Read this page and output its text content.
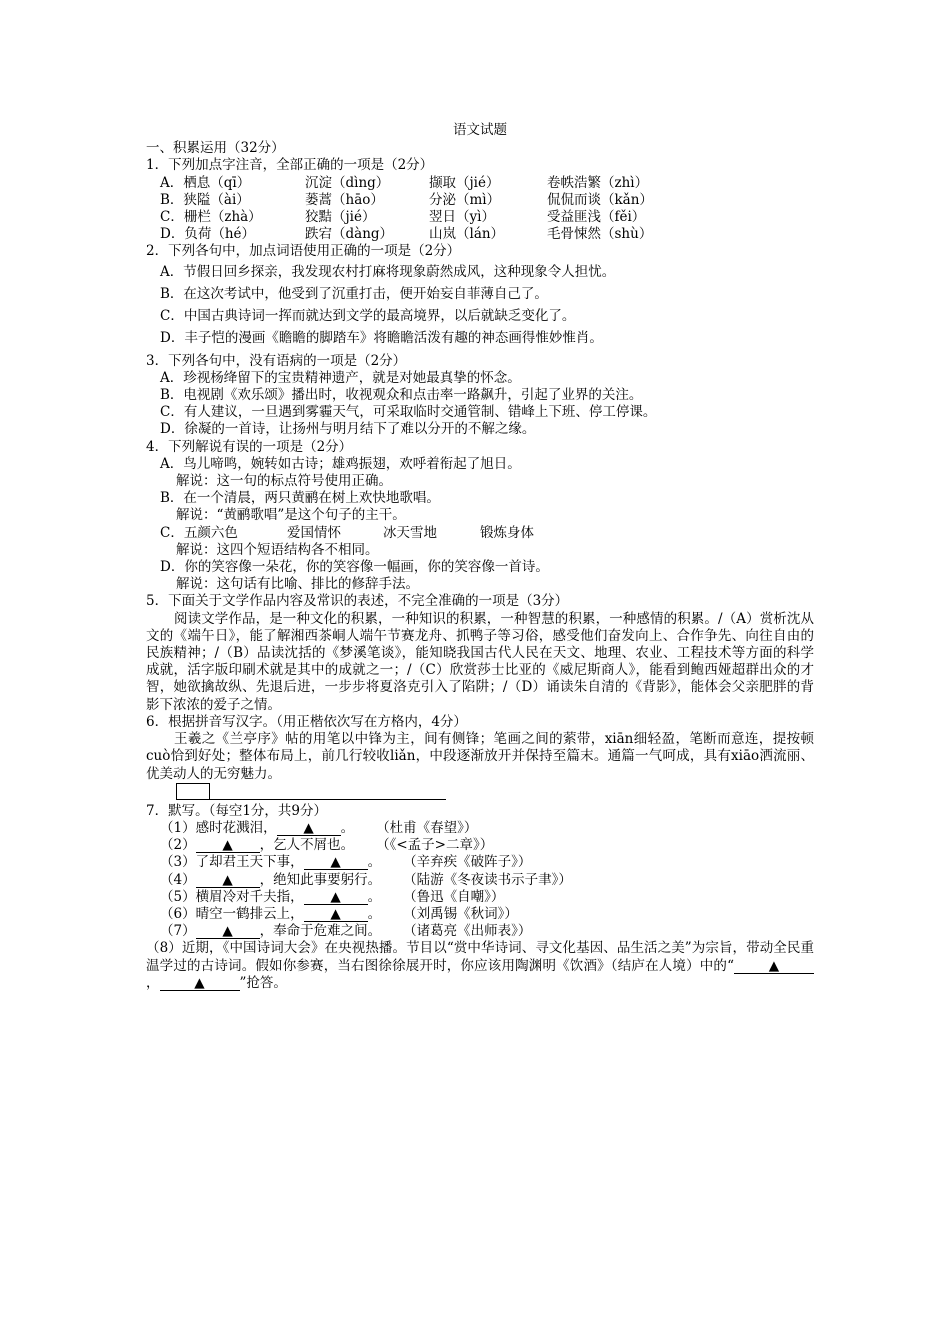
语文试题
一、积累运用（32分）
1．下列加点字注音，全部正确的一项是（2分）
A．栖息（qī）	沉淀（dìng）	撷取（jié）	卷帙浩繁（zhì）
B．狭隘（ài）	蒌蒿（hāo）	分泌（mì）	侃侃而谈（kǎn）
C．栅栏（zhà）	狡黠（jié）	翌日（yì）	受益匪浅（fěi）
D．负荷（hé）	跌宕（dàng）	山岚（lán）	毛骨悚然（shù）
2．下列各句中，加点词语使用正确的一项是（2分）
A．节假日回乡探亲，我发现农村打麻将现象蔚然成风，这种现象令人担忧。
B．在这次考试中，他受到了沉重打击，便开始妄自菲薄自己了。
C．中国古典诗词一挥而就达到文学的最高境界，以后就缺乏变化了。
D．丰子恺的漫画《瞻瞻的脚踏车》将瞻瞻活泼有趣的神态画得惟妙惟肖。
3．下列各句中，没有语病的一项是（2分）
A．珍视杨绛留下的宝贵精神遗产，就是对她最真挚的怀念。
B．电视剧《欢乐颂》播出时，收视观众和点击率一路飙升，引起了业界的关注。
C．有人建议，一旦遇到雾霾天气，可采取临时交通管制、错峰上下班、停工停课。
D．徐凝的一首诗，让扬州与明月结下了难以分开的不解之缘。
4．下列解说有误的一项是（2分）
A．鸟儿啼鸣，婉转如古诗；雄鸡振翅，欢呼着衔起了旭日。
解说：这一句的标点符号使用正确。
B．在一个清晨，两只黄鹂在树上欢快地歌唱。
解说：“黄鹂歌唱”是这个句子的主干。
C．五颜六色	爱国情怀	冰天雪地	锻炼身体
解说：这四个短语结构各不相同。
D．你的笑容像一朵花，你的笑容像一幅画，你的笑容像一首诗。
解说：这句话有比喻、排比的修辞手法。
5．下面关于文学作品内容及常识的表述，不完全准确的一项是（3分）
阅读文学作品，是一种文化的积累，一种知识的积累，一种智慧的积累，一种感情的积累。/（A）赏析沈从文的《端午日》，能了解湘西茶峒人端午节赛龙舟、抓鸭子等习俗，感受他们奋发向上、合作争先、向往自由的民族精神；/（B）品读沈括的《梦溪笔谈》，能知晓我国古代人民在天文、地理、农业、工程技术等方面的科学成就，活字版印刷术就是其中的成就之一；/（C）欣赏莎士比亚的《威尼斯商人》，能看到鲍西娅超群出众的才智，她欲擒故纵、先退后进，一步步将夏洛克引入了陷阱；/（D）诵读朱自清的《背影》，能体会父亲肥胖的背影下浓浓的爱子之情。
6．根据拼音写汉字。（用正楷依次写在方格内，4分）
王羲之《兰亭序》帖的用笔以中锋为主，间有侧锋；笔画之间的萦带，xiān细轻盈，笔断而意连，提按顿cuò恰到好处；整体布局上，前几行较收liǎn，中段逐渐放开并保持至篇末。通篇一气呵成，具有xiāo洒流丽、优美动人的无穷魅力。
7．默写。（每空1分，共9分）
（1）感时花溅泪， ▲ 。 （杜甫《春望》）
（2） ▲ ，乞人不屑也。 （《<孟子>二章》）
（3）了却君王天下事， ▲ 。 （辛弃疾《破阵子》）
（4） ▲ ，绝知此事要躬行。 （陆游《冬夜读书示子聿》）
（5）横眉冷对千夫指， ▲ 。 （鲁迅《自嘲》）
（6）晴空一鹤排云上， ▲ 。 （刘禹锡《秋词》）
（7） ▲ ，奉命于危难之间。 （诸葛亮《出师表》）
（8）近期，《中国诗词大会》在央视热播。节目以“赏中华诗词、寻文化基因、品生活之美”为宗旨，带动全民重温学过的古诗词。假如你参赛，当右图徐徐展开时，你应该用陶渊明《饮酒》（结庐在人境）中的“	▲，	▲	”抢答。
